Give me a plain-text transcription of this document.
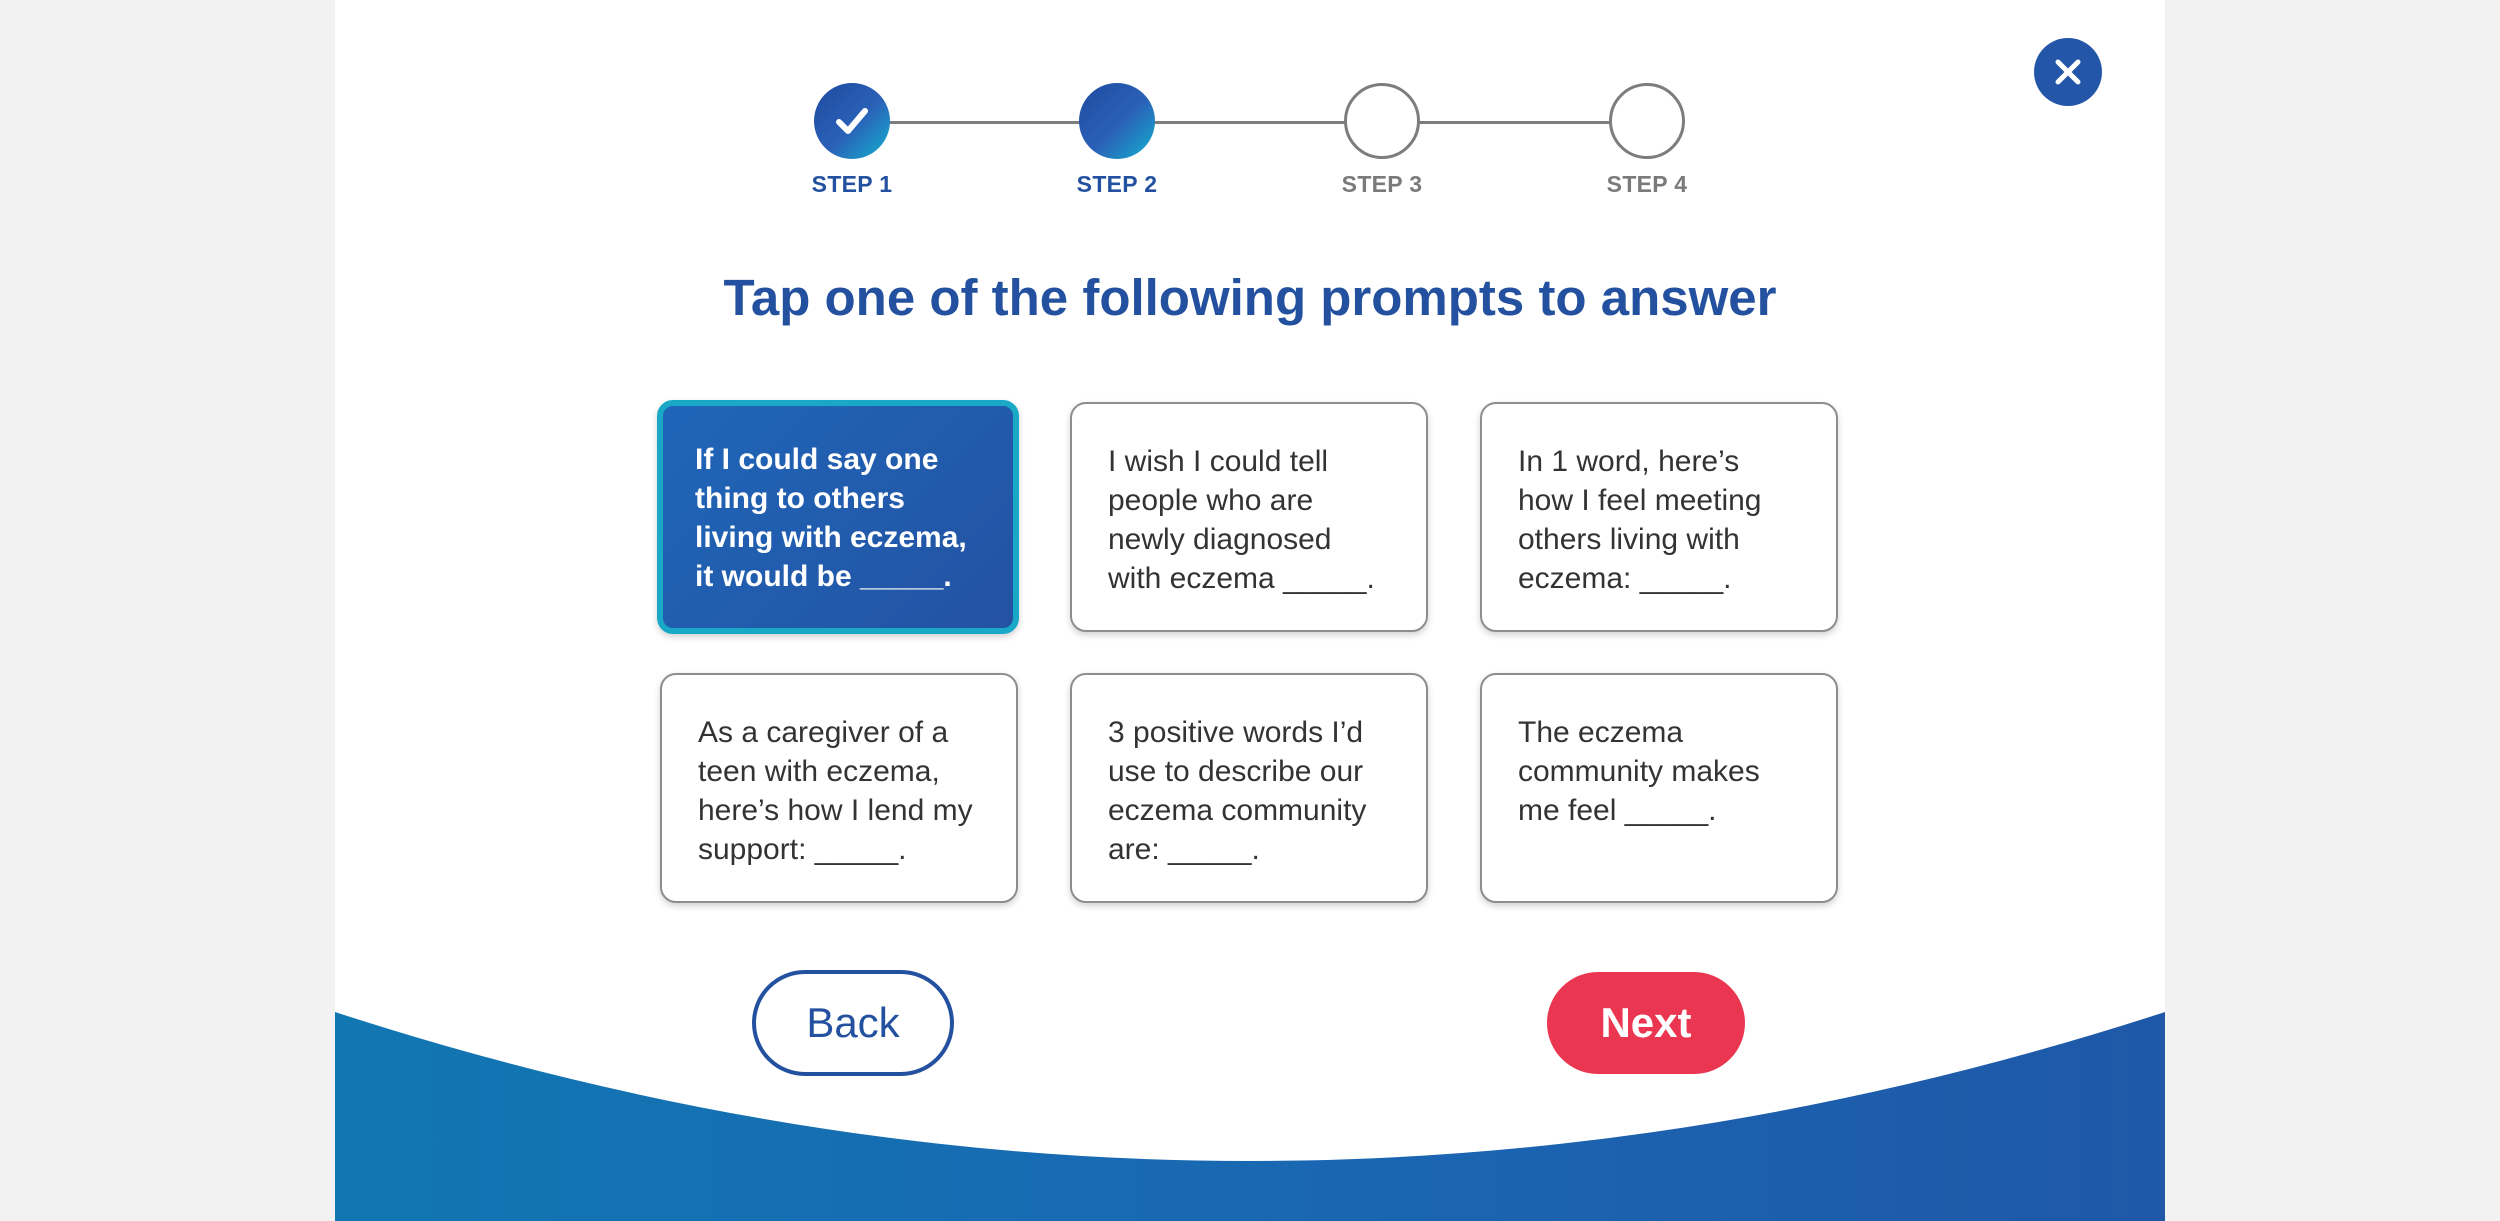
STEP 1	STEP 2	STEP 3	STEP 4
Tap one of the following prompts to answer
If I could say one thing to others living with eczema, it would be _____.
I wish I could tell people who are newly diagnosed with eczema _____.
In 1 word, here’s how I feel meeting others living with eczema: _____.
As a caregiver of a teen with eczema, here’s how I lend my support: _____.
3 positive words I’d use to describe our eczema community are: _____.
The eczema community makes me feel _____.
Back	Next
